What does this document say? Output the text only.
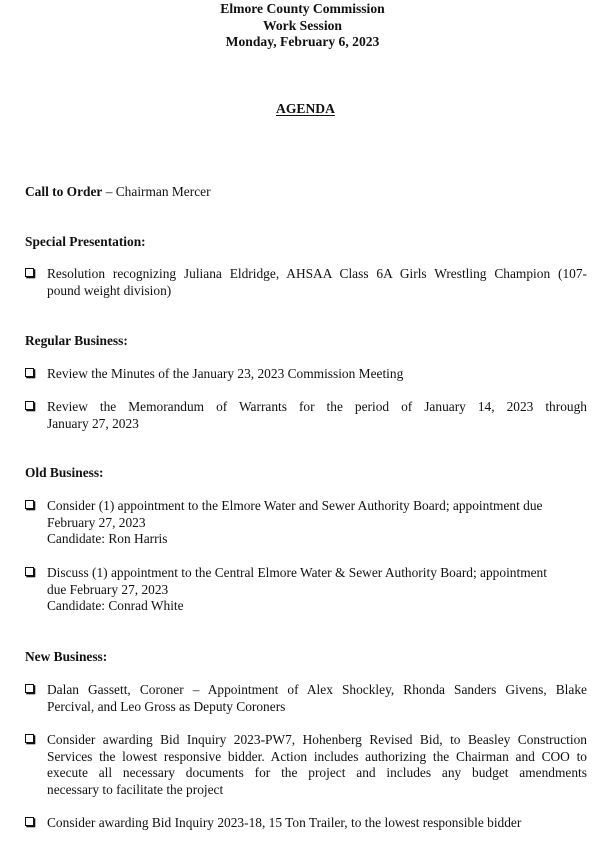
Elmore County Commission
Work Session
Monday, February 6, 2023
AGENDA
Call to Order – Chairman Mercer
Special Presentation:
Resolution recognizing Juliana Eldridge, AHSAA Class 6A Girls Wrestling Champion (107-
pound weight division)
Regular Business:
Review the Minutes of the January 23, 2023 Commission Meeting
Review the Memorandum of Warrants for the period of January 14, 2023 through
January 27, 2023
Old Business:
Consider (1) appointment to the Elmore Water and Sewer Authority Board; appointment due
February 27, 2023
Candidate: Ron Harris
Discuss (1) appointment to the Central Elmore Water & Sewer Authority Board; appointment
due February 27, 2023
Candidate: Conrad White
New Business:
Dalan Gassett, Coroner – Appointment of Alex Shockley, Rhonda Sanders Givens, Blake
Percival, and Leo Gross as Deputy Coroners
Consider awarding Bid Inquiry 2023-PW7, Hohenberg Revised Bid, to Beasley Construction
Services the lowest responsive bidder. Action includes authorizing the Chairman and COO to
execute all necessary documents for the project and includes any budget amendments
necessary to facilitate the project
Consider awarding Bid Inquiry 2023-18, 15 Ton Trailer, to the lowest responsible bidder
